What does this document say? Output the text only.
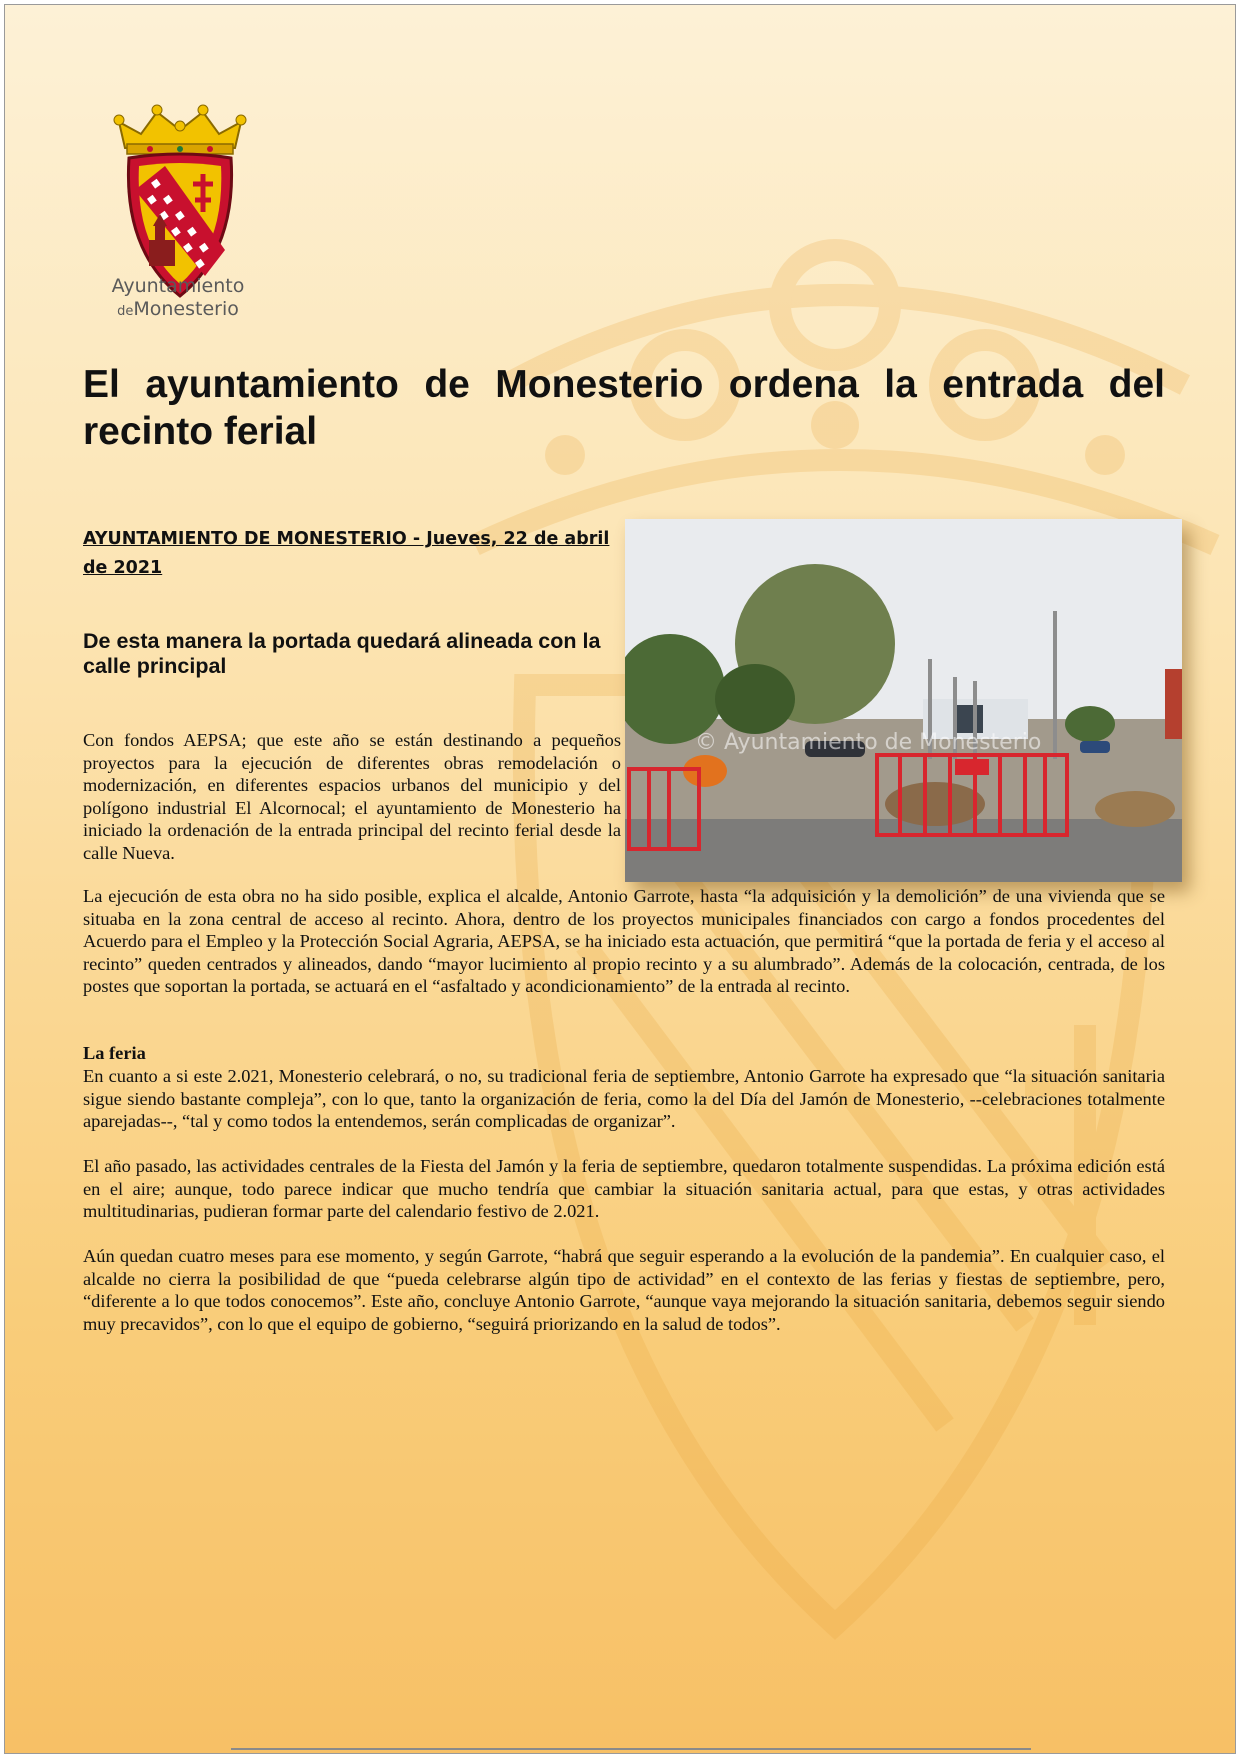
Ayuntamiento
deMonesterio
El ayuntamiento de Monesterio ordena la entrada del recinto ferial

AYUNTAMIENTO DE MONESTERIO - Jueves, 22 de abril de 2021

De esta manera la portada quedará alineada con la calle principal
© Ayuntamiento de Monesterio

Con fondos AEPSA; que este año se están destinando a pequeños proyectos para la ejecución de diferentes obras remodelación o modernización, en diferentes espacios urbanos del municipio y del polígono industrial El Alcornocal; el ayuntamiento de Monesterio ha iniciado la ordenación de la entrada principal del recinto ferial desde la calle Nueva.

La ejecución de esta obra no ha sido posible, explica el alcalde, Antonio Garrote, hasta “la adquisición y la demolición” de una vivienda que se situaba en la zona central de acceso al recinto. Ahora, dentro de los proyectos municipales financiados con cargo a fondos procedentes del Acuerdo para el Empleo y la Protección Social Agraria, AEPSA, se ha iniciado esta actuación, que permitirá “que la portada de feria y el acceso al recinto” queden centrados y alineados, dando “mayor lucimiento al propio recinto y a su alumbrado”. Además de la colocación, centrada, de los postes que soportan la portada, se actuará en el “asfaltado y acondicionamiento” de la entrada al recinto.

La feria

En cuanto a si este 2.021, Monesterio celebrará, o no, su tradicional feria de septiembre, Antonio Garrote ha expresado que “la situación sanitaria sigue siendo bastante compleja”, con lo que, tanto la organización de feria, como la del Día del Jamón de Monesterio, --celebraciones totalmente aparejadas--, “tal y como todos la entendemos, serán complicadas de organizar”.

El año pasado, las actividades centrales de la Fiesta del Jamón y la feria de septiembre, quedaron totalmente suspendidas. La próxima edición está en el aire; aunque, todo parece indicar que mucho tendría que cambiar la situación sanitaria actual, para que estas, y otras actividades multitudinarias, pudieran formar parte del calendario festivo de 2.021.

Aún quedan cuatro meses para ese momento, y según Garrote, “habrá que seguir esperando a la evolución de la pandemia”. En cualquier caso, el alcalde no cierra la posibilidad de que “pueda celebrarse algún tipo de actividad” en el contexto de las ferias y fiestas de septiembre, pero, “diferente a lo que todos conocemos”. Este año, concluye Antonio Garrote, “aunque vaya mejorando la situación sanitaria, debemos seguir siendo muy precavidos”, con lo que el equipo de gobierno, “seguirá priorizando en la salud de todos”.
